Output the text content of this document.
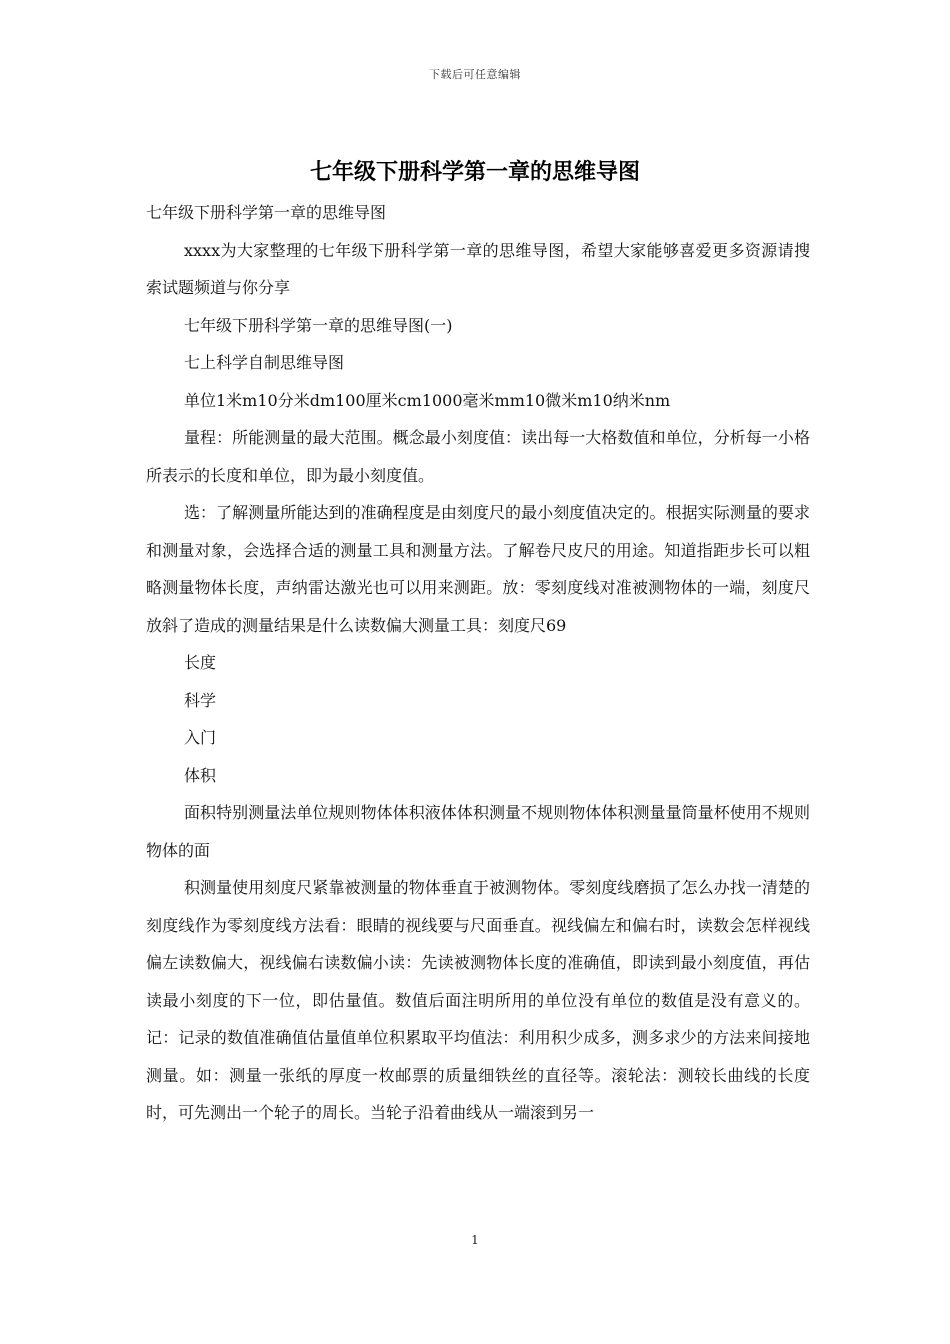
下载后可任意编辑
七年级下册科学第一章的思维导图

七年级下册科学第一章的思维导图

xxxx为大家整理的七年级下册科学第一章的思维导图，希望大家能够喜爱更多资源请搜索试题频道与你分享

七年级下册科学第一章的思维导图(一)

七上科学自制思维导图

单位1米m10分米dm100厘米cm1000毫米mm10微米m10纳米nm

量程：所能测量的最大范围。概念最小刻度值：读出每一大格数值和单位，分析每一小格所表示的长度和单位，即为最小刻度值。

选：了解测量所能达到的准确程度是由刻度尺的最小刻度值决定的。根据实际测量的要求和测量对象，会选择合适的测量工具和测量方法。了解卷尺皮尺的用途。知道指距步长可以粗略测量物体长度，声纳雷达激光也可以用来测距。放：零刻度线对准被测物体的一端，刻度尺放斜了造成的测量结果是什么读数偏大测量工具：刻度尺69

长度

科学

入门

体积

面积特别测量法单位规则物体体积液体体积测量不规则物体体积测量量筒量杯使用不规则物体的面

积测量使用刻度尺紧靠被测量的物体垂直于被测物体。零刻度线磨损了怎么办找一清楚的刻度线作为零刻度线方法看：眼睛的视线要与尺面垂直。视线偏左和偏右时，读数会怎样视线偏左读数偏大，视线偏右读数偏小读：先读被测物体长度的准确值，即读到最小刻度值，再估读最小刻度的下一位，即估量值。数值后面注明所用的单位没有单位的数值是没有意义的。记：记录的数值准确值估量值单位积累取平均值法：利用积少成多，测多求少的方法来间接地测量。如：测量一张纸的厚度一枚邮票的质量细铁丝的直径等。滚轮法：测较长曲线的长度时，可先测出一个轮子的周长。当轮子沿着曲线从一端滚到另一

1
